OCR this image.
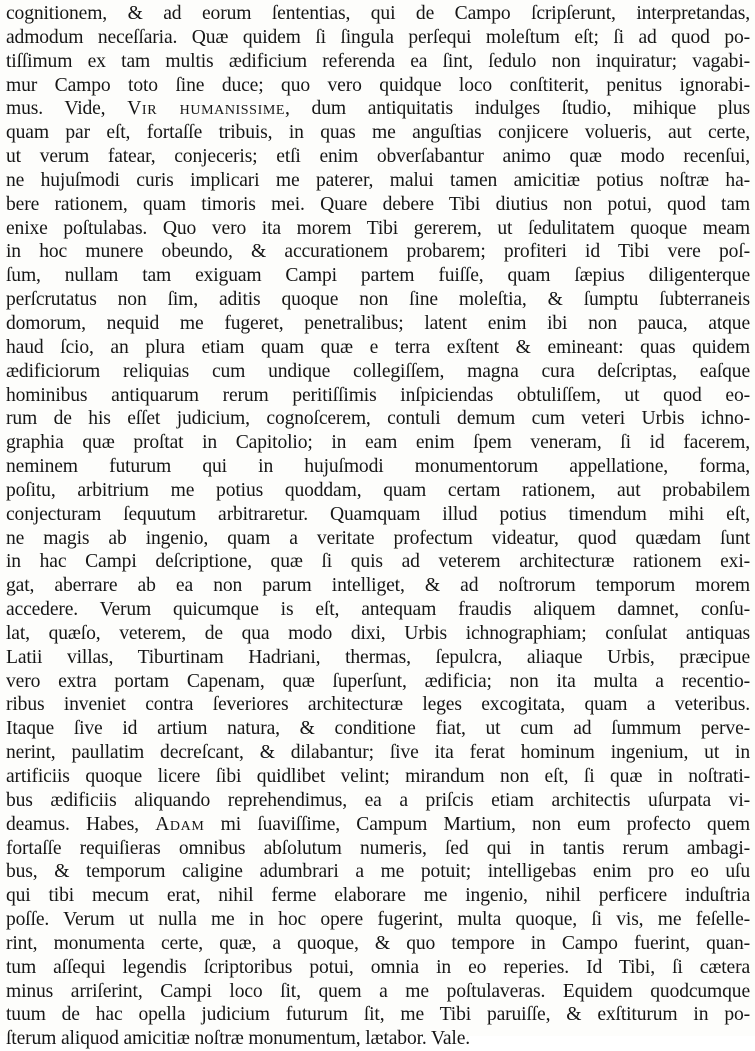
cognitionem, & ad eorum ſententias, qui de Campo ſcripſerunt, interpretandas,
admodum neceſſaria. Quæ quidem ſi ſingula perſequi moleſtum eſt; ſi ad quod po-
tiſſimum ex tam multis ædificium referenda ea ſint, ſedulo non inquiratur; vagabi-
mur Campo toto ſine duce; quo vero quidque loco conſtiterit, penitus ignorabi-
mus. Vide, Vir humanissime, dum antiquitatis indulges ſtudio, mihique plus
quam par eſt, fortaſſe tribuis, in quas me anguſtias conjicere volueris, aut certe,
ut verum fatear, conjeceris; etſi enim obverſabantur animo quæ modo recenſui,
ne hujuſmodi curis implicari me paterer, malui tamen amicitiæ potius noſtræ ha-
bere rationem, quam timoris mei. Quare debere Tibi diutius non potui, quod tam
enixe poſtulabas. Quo vero ita morem Tibi gererem, ut ſedulitatem quoque meam
in hoc munere obeundo, & accurationem probarem; profiteri id Tibi vere poſ-
ſum, nullam tam exiguam Campi partem fuiſſe, quam ſæpius diligenterque
perſcrutatus non ſim, aditis quoque non ſine moleſtia, & ſumptu ſubterraneis
domorum, nequid me fugeret, penetralibus; latent enim ibi non pauca, atque
haud ſcio, an plura etiam quam quæ e terra exſtent & emineant: quas quidem
ædificiorum reliquias cum undique collegiſſem, magna cura deſcriptas, eaſque
hominibus antiquarum rerum peritiſſimis inſpiciendas obtuliſſem, ut quod eo-
rum de his eſſet judicium, cognoſcerem, contuli demum cum veteri Urbis ichno-
graphia quæ proſtat in Capitolio; in eam enim ſpem veneram, ſi id facerem,
neminem futurum qui in hujuſmodi monumentorum appellatione, forma,
poſitu, arbitrium me potius quoddam, quam certam rationem, aut probabilem
conjecturam ſequutum arbitraretur. Quamquam illud potius timendum mihi eſt,
ne magis ab ingenio, quam a veritate profectum videatur, quod quædam ſunt
in hac Campi deſcriptione, quæ ſi quis ad veterem architecturæ rationem exi-
gat, aberrare ab ea non parum intelliget, & ad noſtrorum temporum morem
accedere. Verum quicumque is eſt, antequam fraudis aliquem damnet, conſu-
lat, quæſo, veterem, de qua modo dixi, Urbis ichnographiam; conſulat antiquas
Latii villas, Tiburtinam Hadriani, thermas, ſepulcra, aliaque Urbis, præcipue
vero extra portam Capenam, quæ ſuperſunt, ædificia; non ita multa a recentio-
ribus inveniet contra ſeveriores architecturæ leges excogitata, quam a veteribus.
Itaque ſive id artium natura, & conditione fiat, ut cum ad ſummum perve-
nerint, paullatim decreſcant, & dilabantur; ſive ita ferat hominum ingenium, ut in
artificiis quoque licere ſibi quidlibet velint; mirandum non eſt, ſi quæ in noſtrati-
bus ædificiis aliquando reprehendimus, ea a priſcis etiam architectis uſurpata vi-
deamus. Habes, Adam mi ſuaviſſime, Campum Martium, non eum profecto quem
fortaſſe requiſieras omnibus abſolutum numeris, ſed qui in tantis rerum ambagi-
bus, & temporum caligine adumbrari a me potuit; intelligebas enim pro eo uſu
qui tibi mecum erat, nihil ferme elaborare me ingenio, nihil perficere induſtria
poſſe. Verum ut nulla me in hoc opere fugerint, multa quoque, ſi vis, me feſelle-
rint, monumenta certe, quæ, a quoque, & quo tempore in Campo fuerint, quan-
tum aſſequi legendis ſcriptoribus potui, omnia in eo reperies. Id Tibi, ſi cætera
minus arriſerint, Campi loco ſit, quem a me poſtulaveras. Equidem quodcumque
tuum de hac opella judicium futurum ſit, me Tibi paruiſſe, & exſtiturum in po-
ſterum aliquod amicitiæ noſtræ monumentum, lætabor. Vale.
